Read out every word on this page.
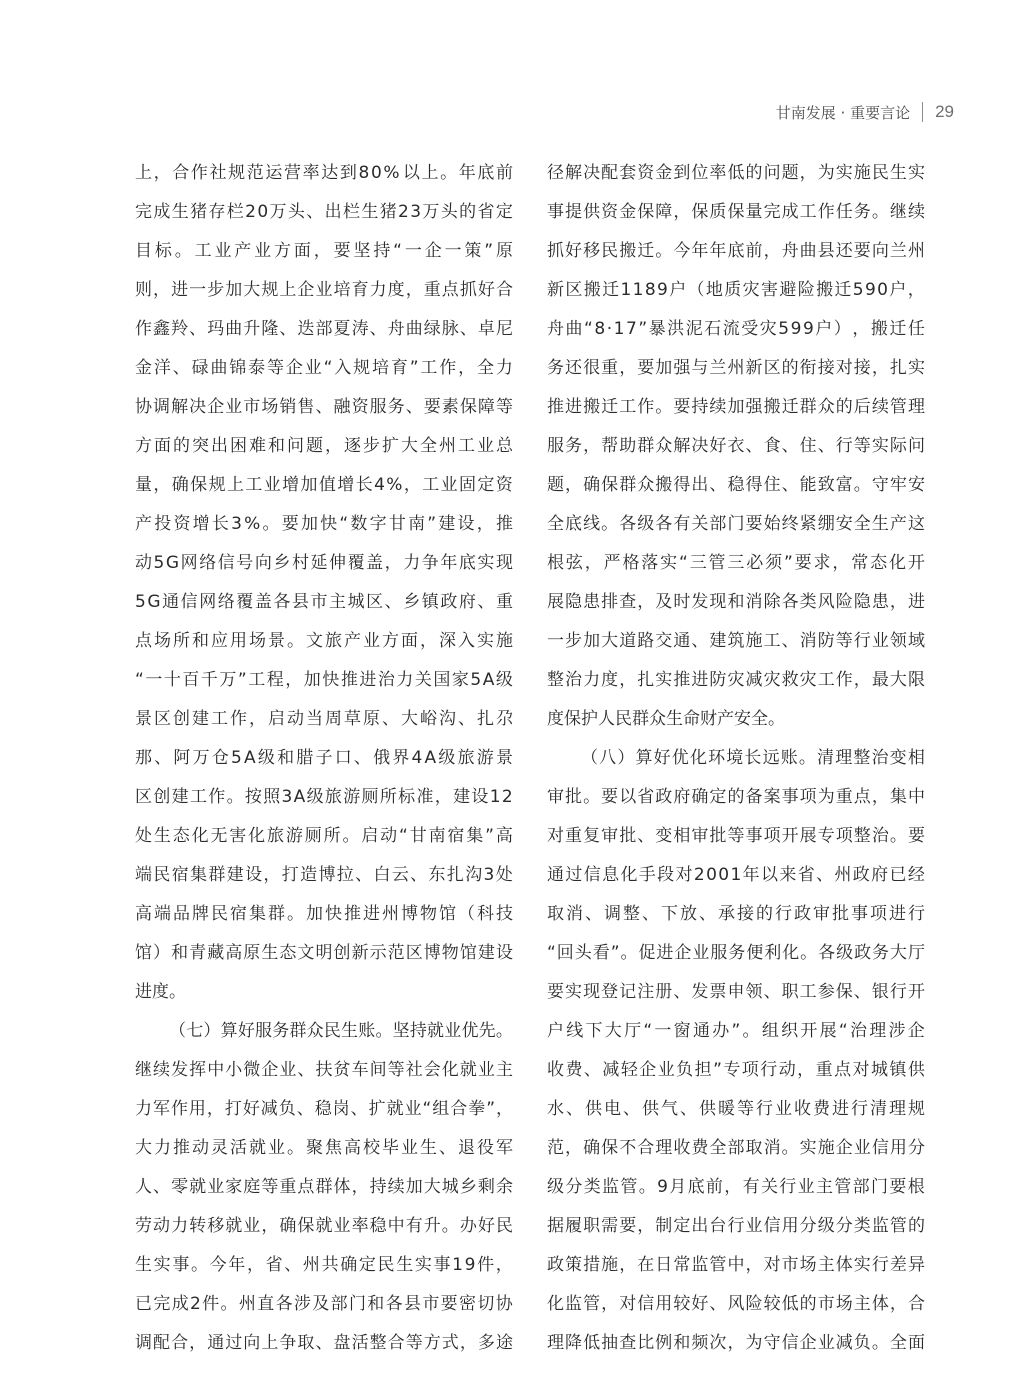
甘南发展 · 重要言论 29
上 ， 合 作 社 规 范 运 营 率 达 到 8 0 % 以 上 。 年 底 前
完 成 生 猪 存 栏 2 0 万 头 、 出 栏 生 猪 2 3 万 头 的 省 定
目 标 。 工 业 产 业 方 面 ， 要 坚 持 “ 一 企 一 策 ” 原
则 ， 进 一 步 加 大 规 上 企 业 培 育 力 度 ， 重 点 抓 好 合
作 鑫 羚 、 玛 曲 升 隆 、 迭 部 夏 涛 、 舟 曲 绿 脉 、 卓 尼
金 洋 、 碌 曲 锦 泰 等 企 业 “ 入 规 培 育 ” 工 作 ， 全 力
协 调 解 决 企 业 市 场 销 售 、 融 资 服 务 、 要 素 保 障 等
方 面 的 突 出 困 难 和 问 题 ， 逐 步 扩 大 全 州 工 业 总
量 ， 确 保 规 上 工 业 增 加 值 增 长 4 % ， 工 业 固 定 资
产 投 资 增 长 3 % 。 要 加 快 “ 数 字 甘 南 ” 建 设 ， 推
动 5 G 网 络 信 号 向 乡 村 延 伸 覆 盖 ， 力 争 年 底 实 现
5 G 通 信 网 络 覆 盖 各 县 市 主 城 区 、 乡 镇 政 府 、 重
点 场 所 和 应 用 场 景 。 文 旅 产 业 方 面 ， 深 入 实 施
“ 一 十 百 千 万 ” 工 程 ， 加 快 推 进 治 力 关 国 家 5 A 级
景 区 创 建 工 作 ， 启 动 当 周 草 原 、 大 峪 沟 、 扎 尕
那 、 阿 万 仓 5 A 级 和 腊 子 口 、 俄 界 4 A 级 旅 游 景
区 创 建 工 作 。 按 照 3 A 级 旅 游 厕 所 标 准 ， 建 设 1 2
处 生 态 化 无 害 化 旅 游 厕 所 。 启 动 “ 甘 南 宿 集 ” 高
端 民 宿 集 群 建 设 ， 打 造 博 拉 、 白 云 、 东 扎 沟 3 处
高 端 品 牌 民 宿 集 群 。 加 快 推 进 州 博 物 馆 （ 科 技
馆 ） 和 青 藏 高 原 生 态 文 明 创 新 示 范 区 博 物 馆 建 设
进度。
（ 七 ） 算 好 服 务 群 众 民 生 账 。 坚 持 就 业 优 先 。
继 续 发 挥 中 小 微 企 业 、 扶 贫 车 间 等 社 会 化 就 业 主
力 军 作 用 ， 打 好 减 负 、 稳 岗 、 扩 就 业 “ 组 合 拳 ” ，
大 力 推 动 灵 活 就 业 。 聚 焦 高 校 毕 业 生 、 退 役 军
人 、 零 就 业 家 庭 等 重 点 群 体 ， 持 续 加 大 城 乡 剩 余
劳 动 力 转 移 就 业 ， 确 保 就 业 率 稳 中 有 升 。 办 好 民
生 实 事 。 今 年 ， 省 、 州 共 确 定 民 生 实 事 1 9 件 ，
已 完 成 2 件 。 州 直 各 涉 及 部 门 和 各 县 市 要 密 切 协
调 配 合 ， 通 过 向 上 争 取 、 盘 活 整 合 等 方 式 ， 多 途
径 解 决 配 套 资 金 到 位 率 低 的 问 题 ， 为 实 施 民 生 实
事 提 供 资 金 保 障 ， 保 质 保 量 完 成 工 作 任 务 。 继 续
抓 好 移 民 搬 迁 。 今 年 年 底 前 ， 舟 曲 县 还 要 向 兰 州
新 区 搬 迁 1 1 8 9 户 （ 地 质 灾 害 避 险 搬 迁 5 9 0 户 ，
舟 曲 “ 8 · 1 7 ” 暴 洪 泥 石 流 受 灾 5 9 9 户 ） ， 搬 迁 任
务 还 很 重 ， 要 加 强 与 兰 州 新 区 的 衔 接 对 接 ， 扎 实
推 进 搬 迁 工 作 。 要 持 续 加 强 搬 迁 群 众 的 后 续 管 理
服 务 ， 帮 助 群 众 解 决 好 衣 、 食 、 住 、 行 等 实 际 问
题 ， 确 保 群 众 搬 得 出 、 稳 得 住 、 能 致 富 。 守 牢 安
全 底 线 。 各 级 各 有 关 部 门 要 始 终 紧 绷 安 全 生 产 这
根 弦 ， 严 格 落 实 “ 三 管 三 必 须 ” 要 求 ， 常 态 化 开
展 隐 患 排 查 ， 及 时 发 现 和 消 除 各 类 风 险 隐 患 ， 进
一 步 加 大 道 路 交 通 、 建 筑 施 工 、 消 防 等 行 业 领 域
整 治 力 度 ， 扎 实 推 进 防 灾 减 灾 救 灾 工 作 ， 最 大 限
度保护人民群众生命财产安全。
（ 八 ） 算 好 优 化 环 境 长 远 账 。 清 理 整 治 变 相
审 批 。 要 以 省 政 府 确 定 的 备 案 事 项 为 重 点 ， 集 中
对 重 复 审 批 、 变 相 审 批 等 事 项 开 展 专 项 整 治 。 要
通 过 信 息 化 手 段 对 2 0 0 1 年 以 来 省 、 州 政 府 已 经
取 消 、 调 整 、 下 放 、 承 接 的 行 政 审 批 事 项 进 行
“ 回 头 看 ” 。 促 进 企 业 服 务 便 利 化 。 各 级 政 务 大 厅
要 实 现 登 记 注 册 、 发 票 申 领 、 职 工 参 保 、 银 行 开
户 线 下 大 厅 “ 一 窗 通 办 ” 。 组 织 开 展 “ 治 理 涉 企
收 费 、 减 轻 企 业 负 担 ” 专 项 行 动 ， 重 点 对 城 镇 供
水 、 供 电 、 供 气 、 供 暖 等 行 业 收 费 进 行 清 理 规
范 ， 确 保 不 合 理 收 费 全 部 取 消 。 实 施 企 业 信 用 分
级 分 类 监 管 。 9 月 底 前 ， 有 关 行 业 主 管 部 门 要 根
据 履 职 需 要 ， 制 定 出 台 行 业 信 用 分 级 分 类 监 管 的
政 策 措 施 ， 在 日 常 监 管 中 ， 对 市 场 主 体 实 行 差 异
化 监 管 ， 对 信 用 较 好 、 风 险 较 低 的 市 场 主 体 ， 合
理 降 低 抽 查 比 例 和 频 次 ， 为 守 信 企 业 减 负 。 全 面
